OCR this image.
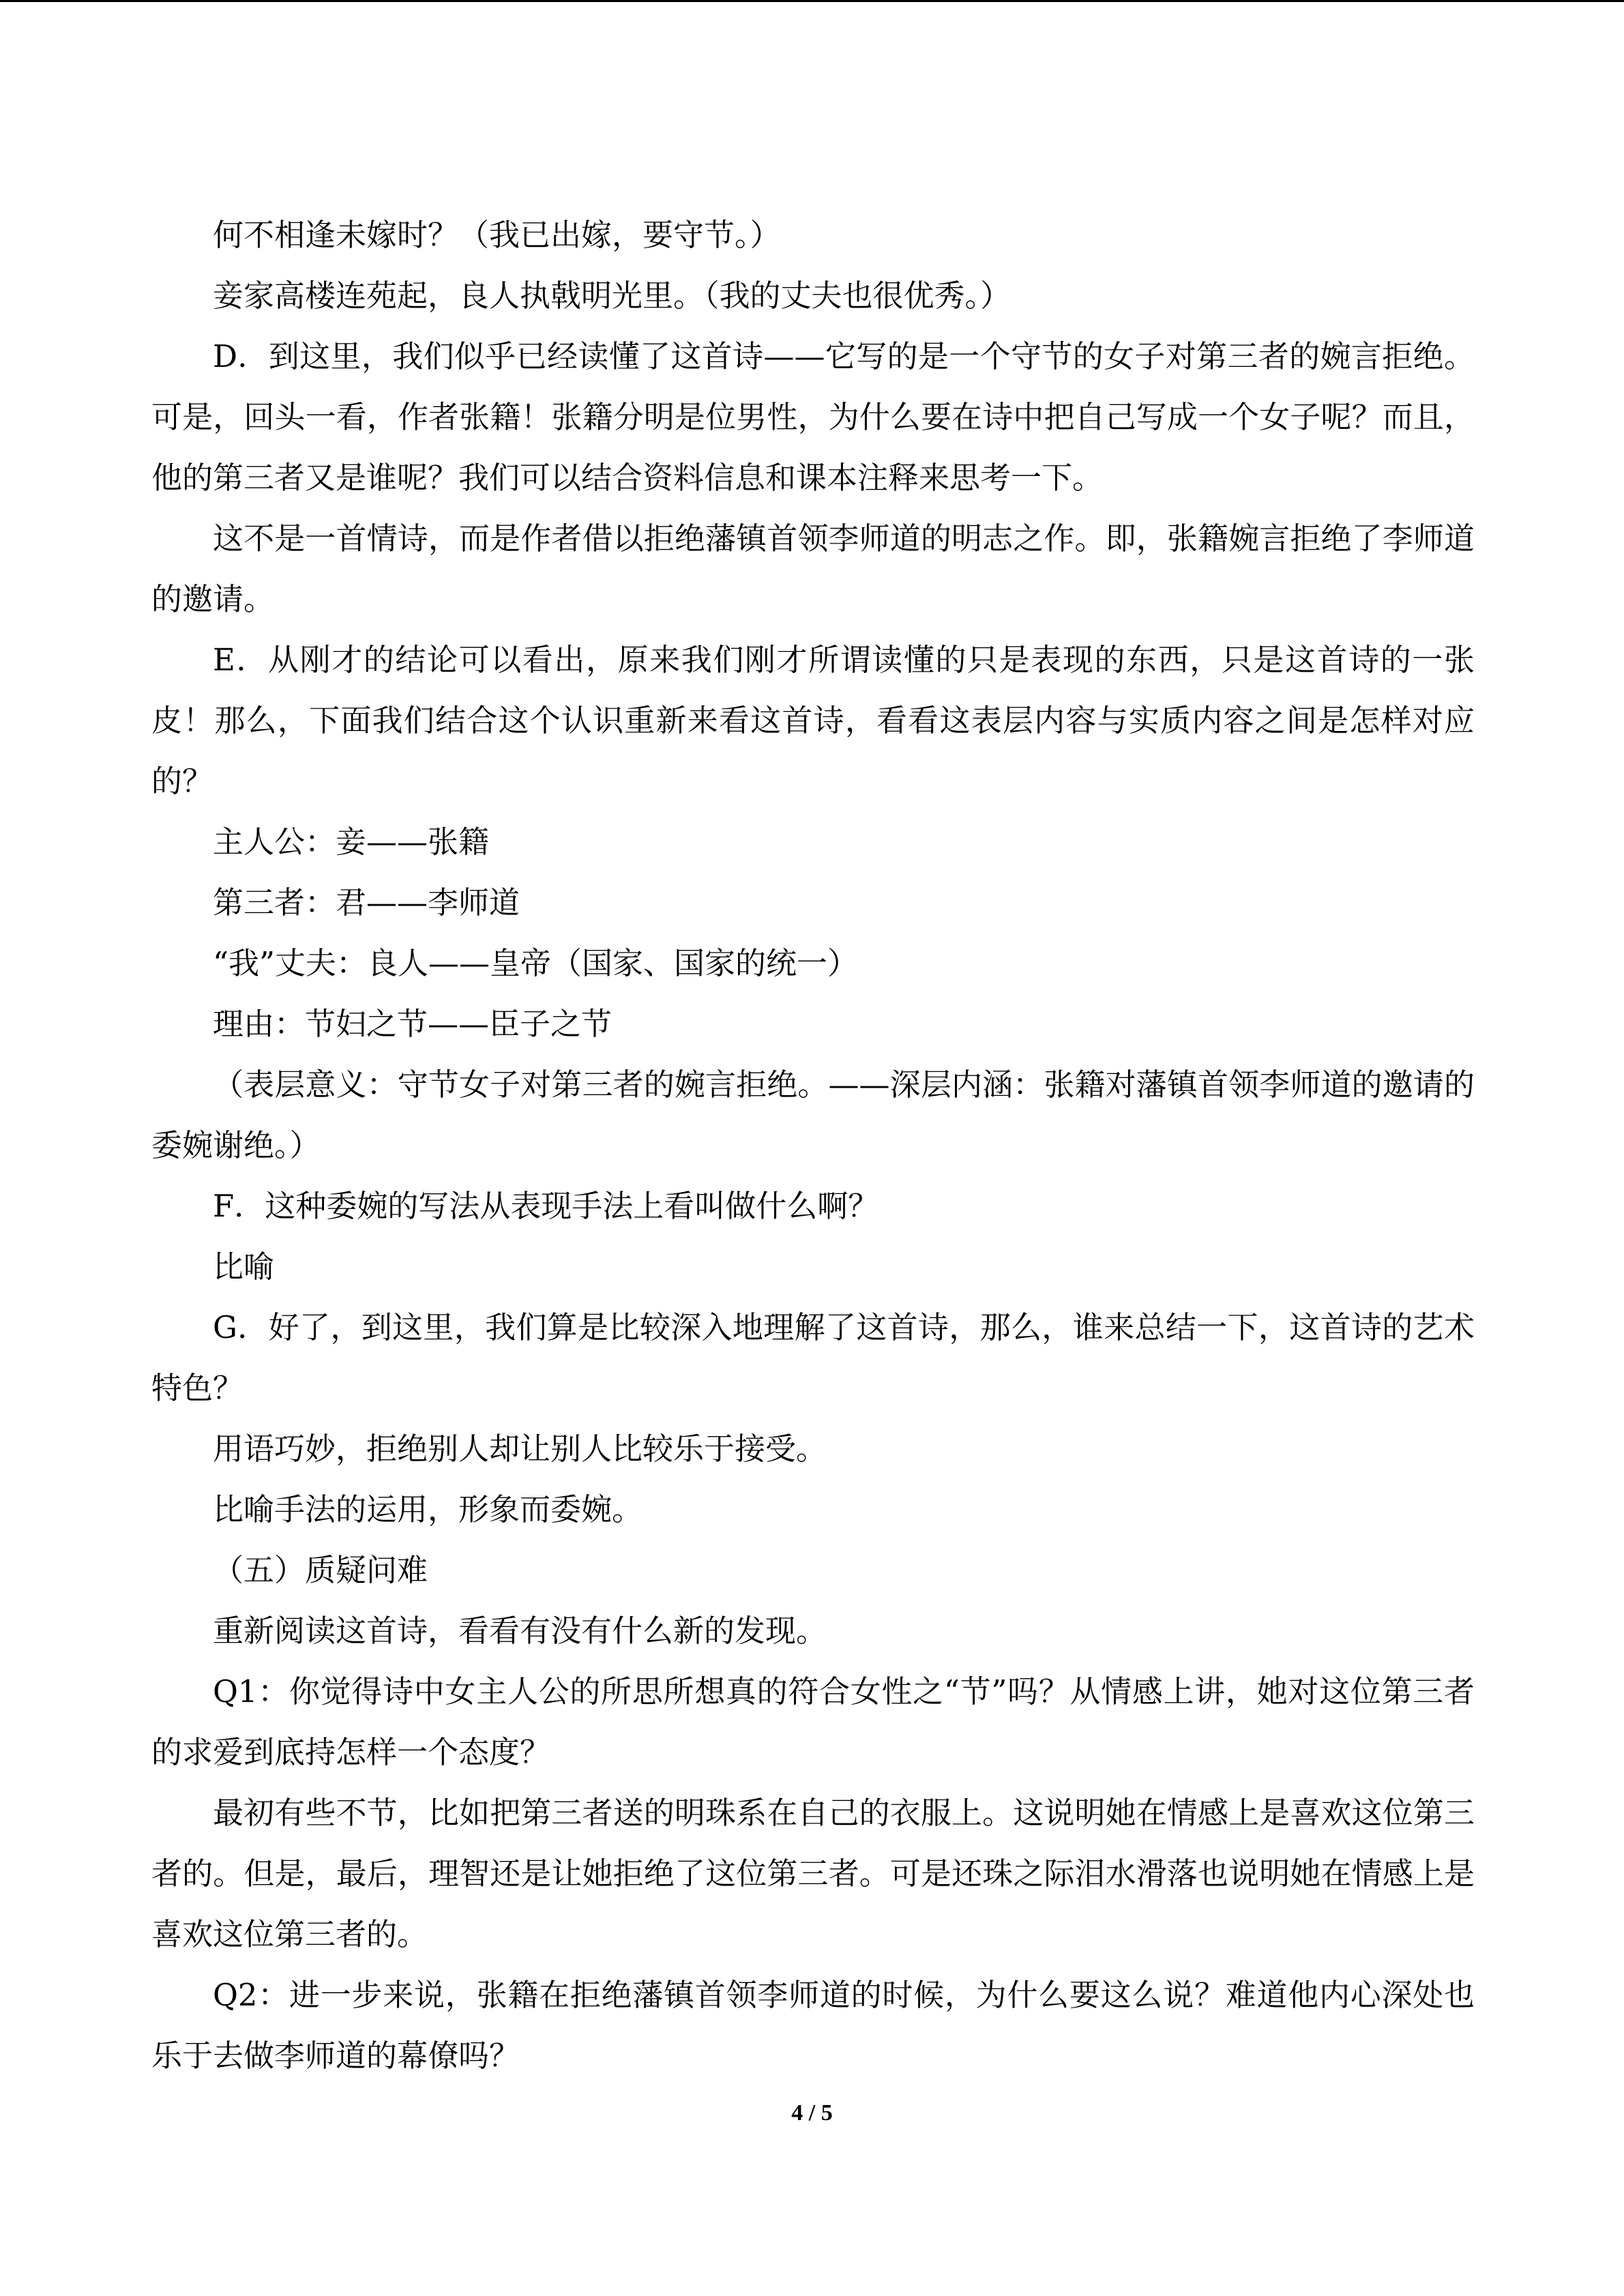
何不相逢未嫁时？（我已出嫁，要守节。）

妾家高楼连苑起，良人执戟明光里。（我的丈夫也很优秀。）

D．到这里，我们似乎已经读懂了这首诗——它写的是一个守节的女子对第三者的婉言拒绝。可是，回头一看，作者张籍！张籍分明是位男性，为什么要在诗中把自己写成一个女子呢？而且，他的第三者又是谁呢？我们可以结合资料信息和课本注释来思考一下。

这不是一首情诗，而是作者借以拒绝藩镇首领李师道的明志之作。即，张籍婉言拒绝了李师道的邀请。

E．从刚才的结论可以看出，原来我们刚才所谓读懂的只是表现的东西，只是这首诗的一张皮！那么，下面我们结合这个认识重新来看这首诗，看看这表层内容与实质内容之间是怎样对应的？

主人公：妾——张籍

第三者：君——李师道

“我”丈夫：良人——皇帝（国家、国家的统一）

理由：节妇之节——臣子之节

（表层意义：守节女子对第三者的婉言拒绝。——深层内涵：张籍对藩镇首领李师道的邀请的委婉谢绝。）

F．这种委婉的写法从表现手法上看叫做什么啊？

比喻

G．好了，到这里，我们算是比较深入地理解了这首诗，那么，谁来总结一下，这首诗的艺术特色？

用语巧妙，拒绝别人却让别人比较乐于接受。

比喻手法的运用，形象而委婉。

（五）质疑问难

重新阅读这首诗，看看有没有什么新的发现。

Q1：你觉得诗中女主人公的所思所想真的符合女性之“节”吗？从情感上讲，她对这位第三者的求爱到底持怎样一个态度？

最初有些不节，比如把第三者送的明珠系在自己的衣服上。这说明她在情感上是喜欢这位第三者的。但是，最后，理智还是让她拒绝了这位第三者。可是还珠之际泪水滑落也说明她在情感上是喜欢这位第三者的。

Q2：进一步来说，张籍在拒绝藩镇首领李师道的时候，为什么要这么说？难道他内心深处也乐于去做李师道的幕僚吗？

4 / 5
